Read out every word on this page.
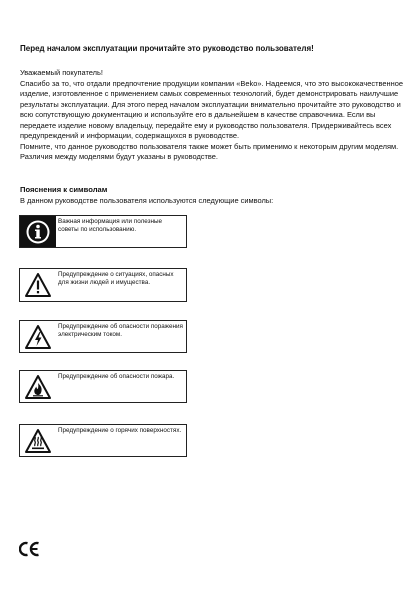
Перед началом эксплуатации прочитайте это руководство пользователя!

Уважаемый покупатель!

Спасибо за то, что отдали предпочтение продукции компании «Beko». Надеемся, что это высококачественное изделие, изготовленное с применением самых современных технологий, будет демонстрировать наилучшие результаты эксплуатации. Для этого перед началом эксплуатации внимательно прочитайте это руководство и всю сопутствующую документацию и используйте его в дальнейшем в качестве справочника. Если вы передаете изделие новому владельцу, передайте ему и руководство пользователя. Придерживайтесь всех предупреждений и информации, содержащихся в руководстве.

Помните, что данное руководство пользователя также может быть применимо к некоторым другим моделям. Различия между моделями будут указаны в руководстве.

Пояснения к символам
В данном руководстве пользователя используются следующие символы:
Важная информация или полезные советы по использованию.
Предупреждение о ситуациях, опасных для жизни людей и имущества.
Предупреждение об опасности поражения электрическим током.
Предупреждение об опасности пожара.
Предупреждение о горячих поверхностях.
